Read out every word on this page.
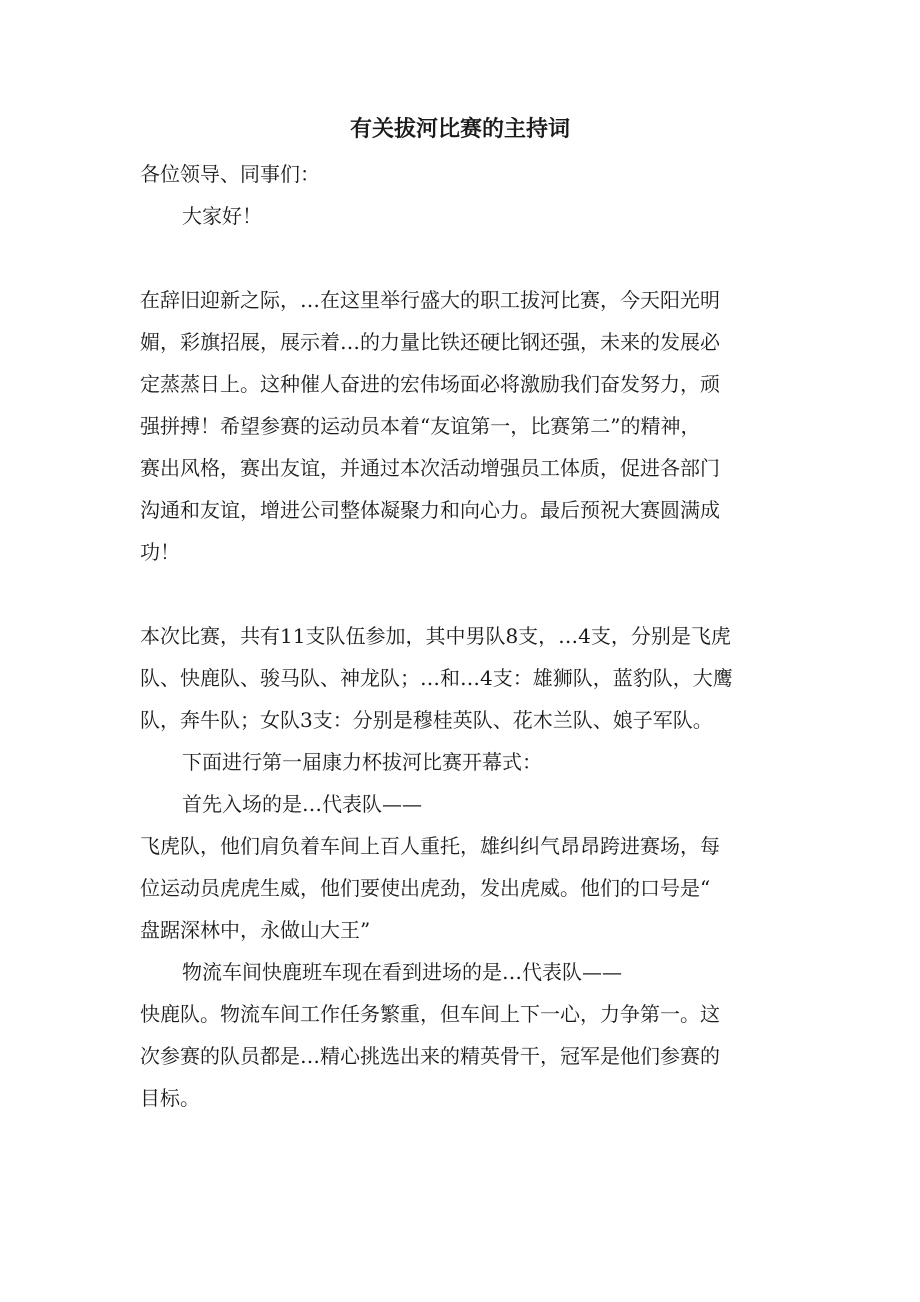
有关拔河比赛的主持词

各位领导、同事们：

大家好！

在辞旧迎新之际，…在这里举行盛大的职工拔河比赛，今天阳光明

媚，彩旗招展，展示着…的力量比铁还硬比钢还强，未来的发展必

定蒸蒸日上。这种催人奋进的宏伟场面必将激励我们奋发努力，顽

强拼搏！希望参赛的运动员本着“友谊第一，比赛第二”的精神，

赛出风格，赛出友谊，并通过本次活动增强员工体质，促进各部门

沟通和友谊，增进公司整体凝聚力和向心力。最后预祝大赛圆满成

功！

本次比赛，共有11支队伍参加，其中男队8支，…4支，分别是飞虎

队、快鹿队、骏马队、神龙队；…和…4支：雄狮队，蓝豹队，大鹰

队，奔牛队；女队3支：分别是穆桂英队、花木兰队、娘子军队。

下面进行第一届康力杯拔河比赛开幕式：

首先入场的是…代表队——

飞虎队，他们肩负着车间上百人重托，雄纠纠气昂昂跨进赛场，每

位运动员虎虎生威，他们要使出虎劲，发出虎威。他们的口号是“

盘踞深林中，永做山大王”

物流车间快鹿班车现在看到进场的是…代表队——

快鹿队。物流车间工作任务繁重，但车间上下一心，力争第一。这

次参赛的队员都是…精心挑选出来的精英骨干，冠军是他们参赛的

目标。
